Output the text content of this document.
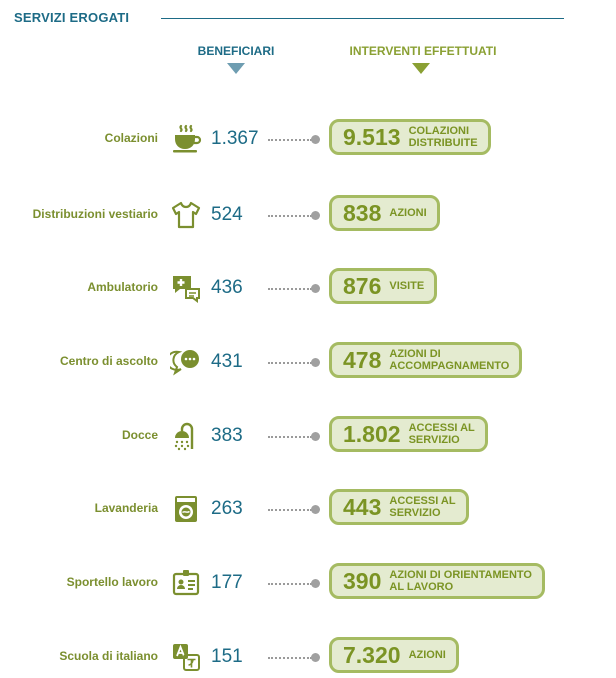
SERVIZI EROGATI
BENEFICIARI	INTERVENTI EFFETTUATI
Colazioni	1.367	9.513 COLAZIONI
DISTRIBUITE
Distribuzioni vestiario	524	838 AZIONI
Ambulatorio	436	876 VISITE
Centro di ascolto	431	478 AZIONI DI
ACCOMPAGNAMENTO
Docce	383	1.802 ACCESSI AL
SERVIZIO
Lavanderia	263	443 ACCESSI AL
SERVIZIO
Sportello lavoro	177	390 AZIONI DI ORIENTAMENTO
AL LAVORO
Scuola di italiano	151	7.320 AZIONI
